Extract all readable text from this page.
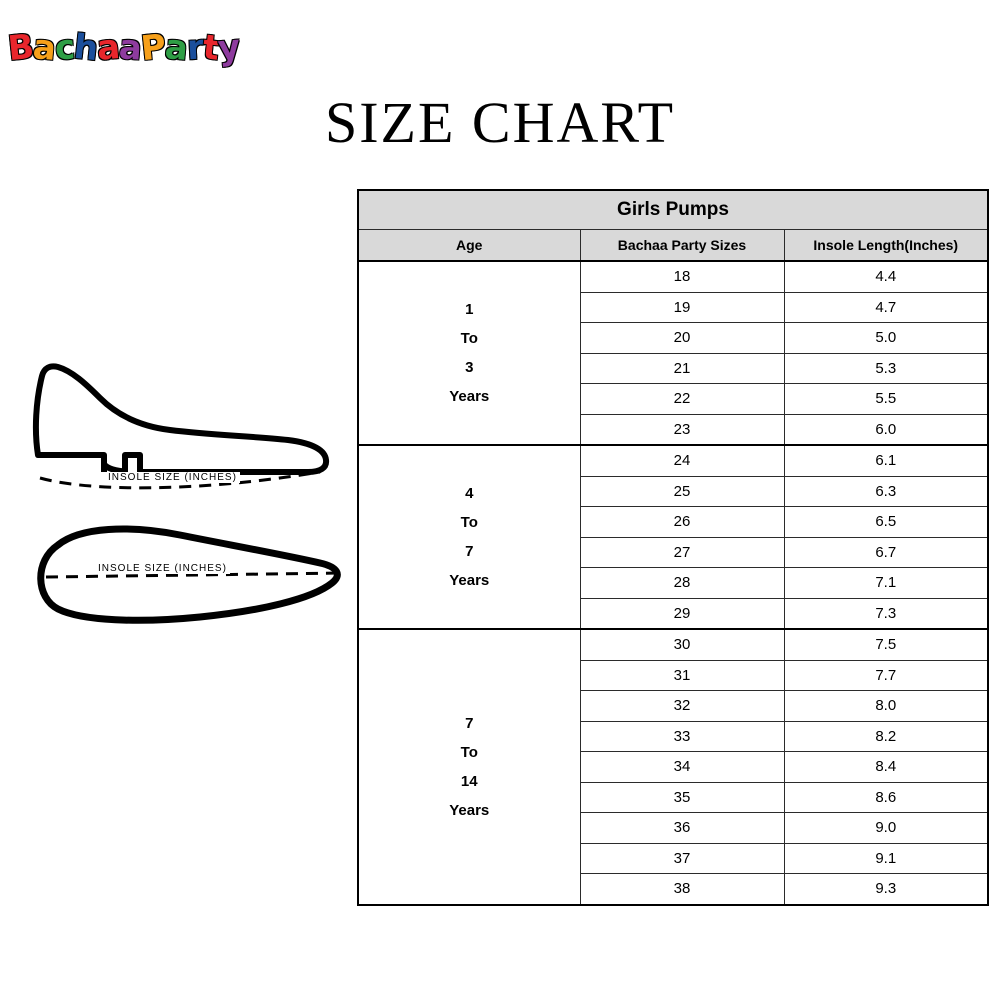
BachaaParty
SIZE CHART
INSOLE SIZE (INCHES)
INSOLE SIZE (INCHES)
Girls Pumps		
Age	Bachaa Party Sizes	Insole Length(Inches)

1
To
3
Years	18	4.4
	19	4.7
	20	5.0
	21	5.3
	22	5.5
	23	6.0

4
To
7
Years	24	6.1
	25	6.3
	26	6.5
	27	6.7
	28	7.1
	29	7.3

7
To
14
Years	30	7.5
	31	7.7
	32	8.0
	33	8.2
	34	8.4
	35	8.6
	36	9.0
	37	9.1
	38	9.3
